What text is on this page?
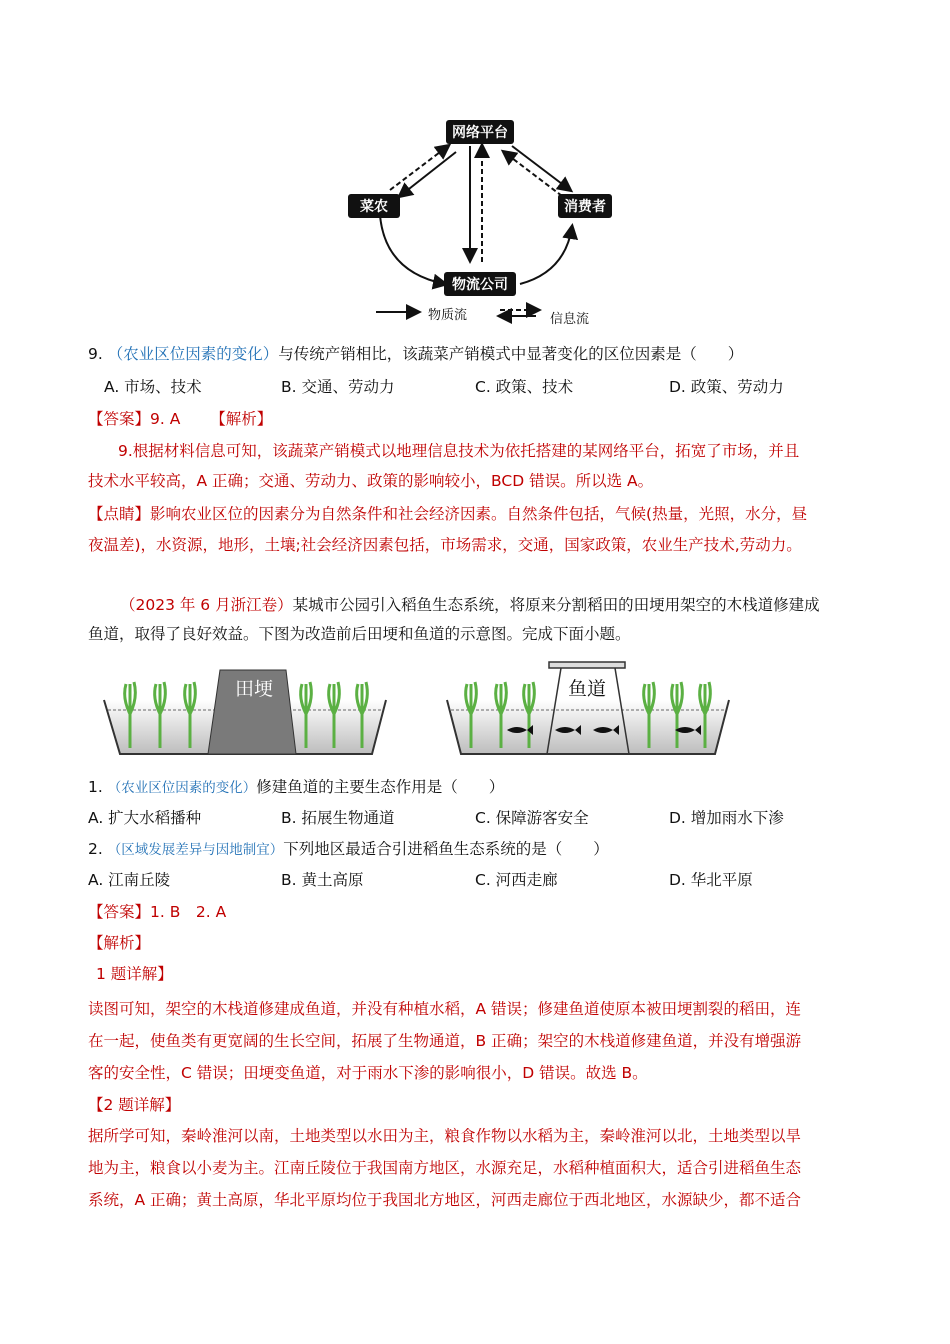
网络平台
菜农	消费者
物流公司
物质流	信息流
9. （农业区位因素的变化）与传统产销相比，该蔬菜产销模式中显著变化的区位因素是（　　）
A. 市场、技术	B. 交通、劳动力	C. 政策、技术	D. 政策、劳动力
【答案】9. A 【解析】
9.根据材料信息可知，该蔬菜产销模式以地理信息技术为依托搭建的某网络平台，拓宽了市场，并且
技术水平较高，A 正确；交通、劳动力、政策的影响较小，BCD 错误。所以选 A。
【点睛】影响农业区位的因素分为自然条件和社会经济因素。自然条件包括，气候(热量，光照，水分，昼
夜温差)，水资源，地形，土壤;社会经济因素包括，市场需求，交通，国家政策，农业生产技术,劳动力。
（2023 年 6 月浙江卷）某城市公园引入稻鱼生态系统，将原来分割稻田的田埂用架空的木栈道修建成
鱼道，取得了良好效益。下图为改造前后田埂和鱼道的示意图。完成下面小题。
田埂	鱼道
1. （农业区位因素的变化）修建鱼道的主要生态作用是（　　）
A. 扩大水稻播种	B. 拓展生物通道	C. 保障游客安全	D. 增加雨水下渗
2. （区域发展差异与因地制宜）下列地区最适合引进稻鱼生态系统的是（　　）
A. 江南丘陵	B. 黄土高原	C. 河西走廊	D. 华北平原
【答案】1. B　2. A
【解析】
1 题详解】
读图可知，架空的木栈道修建成鱼道，并没有种植水稻，A 错误；修建鱼道使原本被田埂割裂的稻田，连
在一起，使鱼类有更宽阔的生长空间，拓展了生物通道，B 正确；架空的木栈道修建鱼道，并没有增强游
客的安全性，C 错误；田埂变鱼道，对于雨水下渗的影响很小，D 错误。故选 B。
【2 题详解】
据所学可知，秦岭淮河以南，土地类型以水田为主，粮食作物以水稻为主，秦岭淮河以北，土地类型以旱
地为主，粮食以小麦为主。江南丘陵位于我国南方地区，水源充足，水稻种植面积大，适合引进稻鱼生态
系统，A 正确；黄土高原，华北平原均位于我国北方地区，河西走廊位于西北地区，水源缺少，都不适合
